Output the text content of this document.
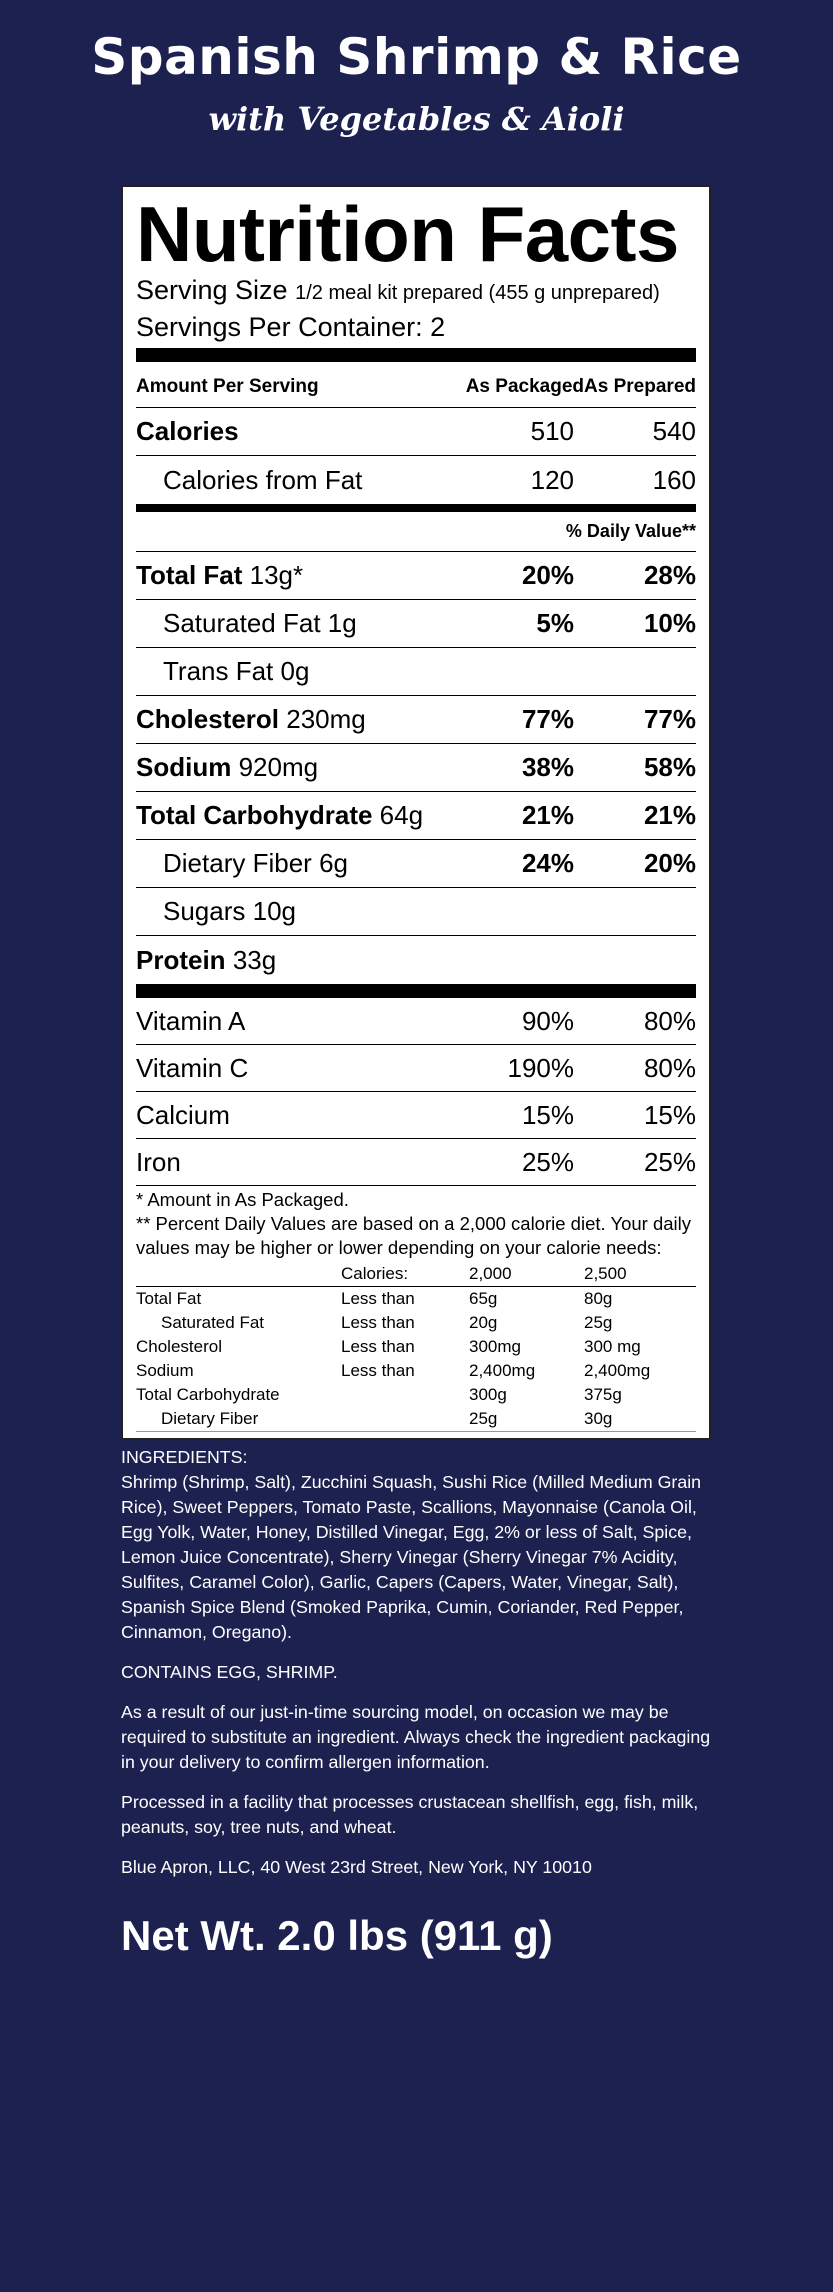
Spanish Shrimp & Rice
with Vegetables & Aioli
Nutrition Facts
Serving Size 1/2 meal kit prepared (455 g unprepared)
Servings Per Container: 2
Amount Per Serving	As Packaged As Prepared
Calories	510	540
Calories from Fat	120	160
% Daily Value**
Total Fat 13g*	20%	28%
Saturated Fat 1g	5%	10%
Trans Fat 0g
Cholesterol 230mg	77%	77%
Sodium 920mg	38%	58%
Total Carbohydrate 64g	21%	21%
Dietary Fiber 6g	24%	20%
Sugars 10g
Protein 33g
Vitamin A	90%	80%
Vitamin C	190%	80%
Calcium	15%	15%
Iron	25%	25%

* Amount in As Packaged.

** Percent Daily Values are based on a 2,000 calorie diet. Your daily values may be higher or lower depending on your calorie needs:

	Calories:	2,000	2,500
Total Fat	Less than	65g	80g
Saturated Fat	Less than	20g	25g
Cholesterol	Less than	300mg	300 mg
Sodium	Less than	2,400mg	2,400mg
Total Carbohydrate		300g	375g
Dietary Fiber		25g	30g

INGREDIENTS:
Shrimp (Shrimp, Salt), Zucchini Squash, Sushi Rice (Milled Medium Grain Rice), Sweet Peppers, Tomato Paste, Scallions, Mayonnaise (Canola Oil, Egg Yolk, Water, Honey, Distilled Vinegar, Egg, 2% or less of Salt, Spice, Lemon Juice Concentrate), Sherry Vinegar (Sherry Vinegar 7% Acidity, Sulfites, Caramel Color), Garlic, Capers (Capers, Water, Vinegar, Salt), Spanish Spice Blend (Smoked Paprika, Cumin, Coriander, Red Pepper, Cinnamon, Oregano).

CONTAINS EGG, SHRIMP.

As a result of our just-in-time sourcing model, on occasion we may be required to substitute an ingredient. Always check the ingredient packaging in your delivery to confirm allergen information.

Processed in a facility that processes crustacean shellfish, egg, fish, milk, peanuts, soy, tree nuts, and wheat.

Blue Apron, LLC, 40 West 23rd Street, New York, NY 10010

Net Wt. 2.0 lbs (911 g)
